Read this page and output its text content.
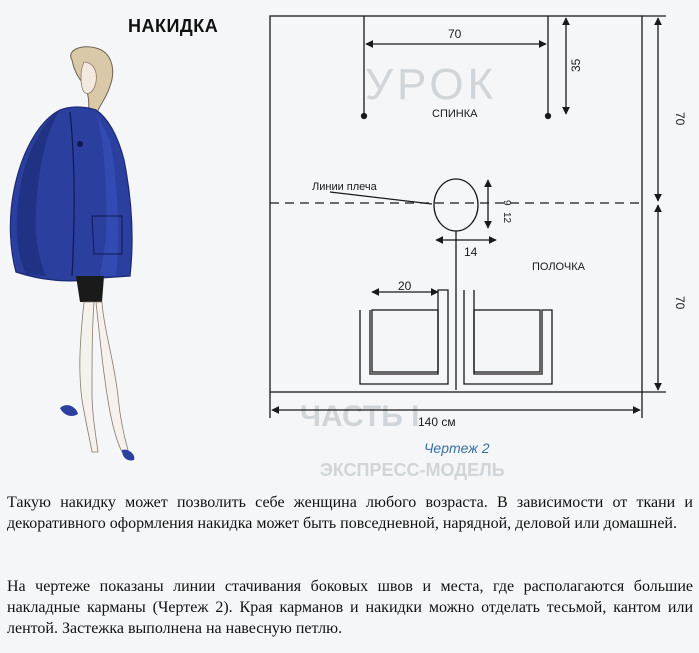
УРОК
ЧАСТЬ I
ЭКСПРЕСС-МОДЕЛЬ
НАКИДКА
СПИНКА
ПОЛОЧКА
Линии плеча
70
35
70
70
14
9
12
20
140 см
Чертеж 2

Такую накидку может позволить себе женщина любого возраста. В зависимости от ткани и декоративного оформления накидка может быть повседневной, нарядной, деловой или домашней.

На чертеже показаны линии стачивания боковых швов и места, где располагаются большие накладные карманы (Чертеж 2). Края карманов и накидки можно отделать тесьмой, кантом или лентой. Застежка выполнена на навесную петлю.
